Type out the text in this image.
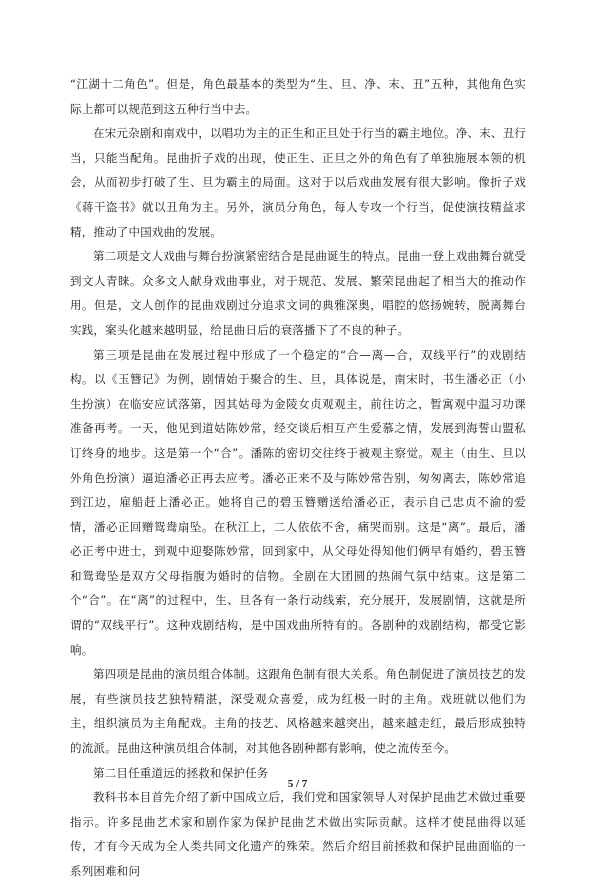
“江湖十二角色”。但是，角色最基本的类型为“生、旦、净、末、丑”五种，其他角色实际上都可以规范到这五种行当中去。

在宋元杂剧和南戏中，以唱功为主的正生和正旦处于行当的霸主地位。净、末、丑行当，只能当配角。昆曲折子戏的出现，使正生、正旦之外的角色有了单独施展本领的机会，从而初步打破了生、旦为霸主的局面。这对于以后戏曲发展有很大影响。像折子戏《蒋干盗书》就以丑角为主。另外，演员分角色，每人专攻一个行当，促使演技精益求精，推动了中国戏曲的发展。

第二项是文人戏曲与舞台扮演紧密结合是昆曲诞生的特点。昆曲一登上戏曲舞台就受到文人青睐。众多文人献身戏曲事业，对于规范、发展、繁荣昆曲起了相当大的推动作用。但是，文人创作的昆曲戏剧过分追求文词的典雅深奥，唱腔的悠扬婉转，脱离舞台实践，案头化越来越明显，给昆曲日后的衰落播下了不良的种子。

第三项是昆曲在发展过程中形成了一个稳定的“合—离—合，双线平行”的戏剧结构。以《玉簪记》为例，剧情始于聚合的生、旦，具体说是，南宋时，书生潘必正（小生扮演）在临安应试落第，因其姑母为金陵女贞观观主，前往访之，暂寓观中温习功课准备再考。一天，他见到道姑陈妙常，经交谈后相互产生爱慕之情，发展到海誓山盟私订终身的地步。这是第一个“合”。潘陈的密切交往终于被观主察觉。观主（由生、旦以外角色扮演）逼迫潘必正再去应考。潘必正来不及与陈妙常告别，匆匆离去，陈妙常追到江边，雇船赶上潘必正。她将自己的碧玉簪赠送给潘必正，表示自己忠贞不渝的爱情，潘必正回赠鸳鸯扇坠。在秋江上，二人依依不舍，痛哭而别。这是“离”。最后，潘必正考中进士，到观中迎娶陈妙常，回到家中，从父母处得知他们俩早有婚约，碧玉簪和鸳鸯坠是双方父母指腹为婚时的信物。全剧在大团圆的热闹气氛中结束。这是第二个“合”。在“离”的过程中，生、旦各有一条行动线索，充分展开，发展剧情，这就是所谓的“双线平行”。这种戏剧结构，是中国戏曲所特有的。各剧种的戏剧结构，都受它影响。

第四项是昆曲的演员组合体制。这跟角色制有很大关系。角色制促进了演员技艺的发展，有些演员技艺独特精湛，深受观众喜爱，成为红极一时的主角。戏班就以他们为主，组织演员为主角配戏。主角的技艺、风格越来越突出，越来越走红，最后形成独特的流派。昆曲这种演员组合体制，对其他各剧种都有影响，使之流传至今。

第二目任重道远的拯救和保护任务

教科书本目首先介绍了新中国成立后，我们党和国家领导人对保护昆曲艺术做过重要指示。许多昆曲艺术家和剧作家为保护昆曲艺术做出实际贡献。这样才使昆曲得以延传，才有今天成为全人类共同文化遗产的殊荣。然后介绍目前拯救和保护昆曲面临的一系列困难和问

5 / 7
